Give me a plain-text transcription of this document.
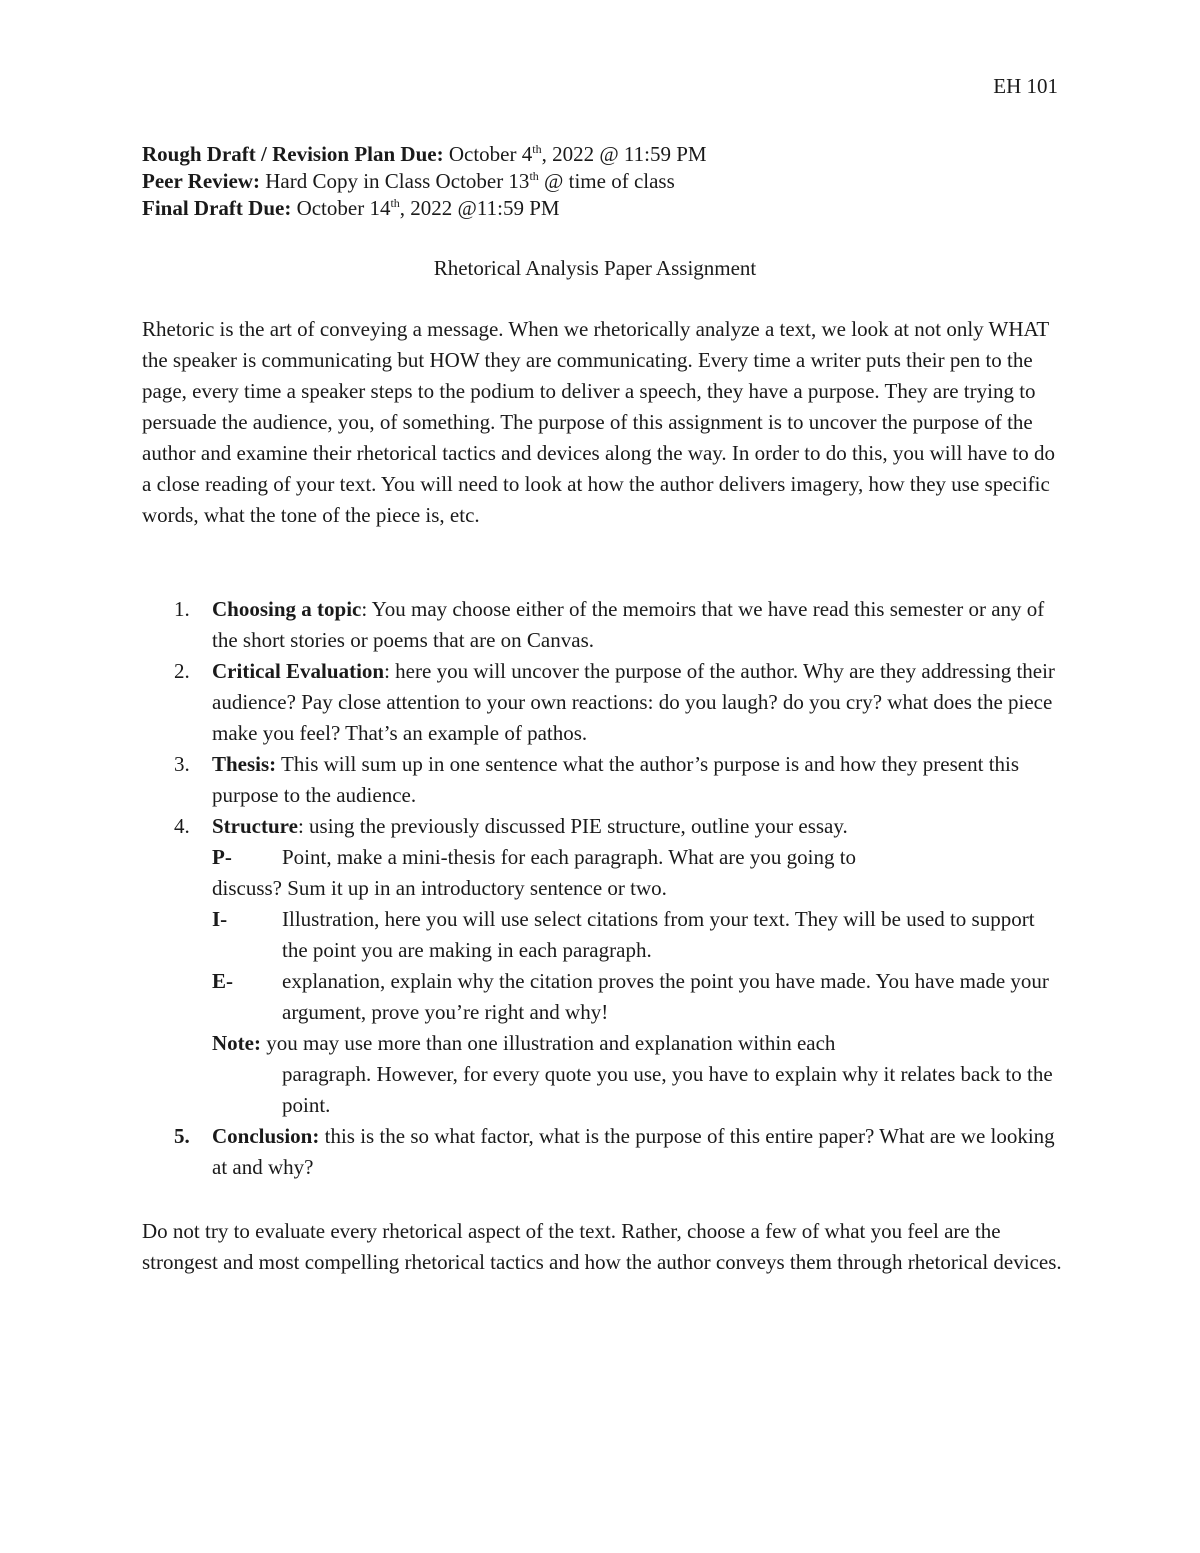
EH 101
Rough Draft / Revision Plan Due: October 4th, 2022 @ 11:59 PM
Peer Review: Hard Copy in Class October 13th @ time of class
Final Draft Due: October 14th, 2022 @11:59 PM
Rhetorical Analysis Paper Assignment
Rhetoric is the art of conveying a message. When we rhetorically analyze a text, we look at not only WHAT the speaker is communicating but HOW they are communicating. Every time a writer puts their pen to the page, every time a speaker steps to the podium to deliver a speech, they have a purpose. They are trying to persuade the audience, you, of something. The purpose of this assignment is to uncover the purpose of the author and examine their rhetorical tactics and devices along the way. In order to do this, you will have to do a close reading of your text. You will need to look at how the author delivers imagery, how they use specific words, what the tone of the piece is, etc.
1. Choosing a topic: You may choose either of the memoirs that we have read this semester or any of the short stories or poems that are on Canvas.
2. Critical Evaluation: here you will uncover the purpose of the author. Why are they addressing their audience? Pay close attention to your own reactions: do you laugh? do you cry? what does the piece make you feel? That’s an example of pathos.
3. Thesis: This will sum up in one sentence what the author’s purpose is and how they present this purpose to the audience.
4. Structure: using the previously discussed PIE structure, outline your essay.
P-	Point, make a mini-thesis for each paragraph. What are you going to
discuss? Sum it up in an introductory sentence or two.
I-	Illustration, here you will use select citations from your text. They will be used to support the point you are making in each paragraph.
E-	explanation, explain why the citation proves the point you have made. You have made your argument, prove you’re right and why!
Note: you may use more than one illustration and explanation within each
paragraph. However, for every quote you use, you have to explain why it relates back to the point.
5. Conclusion: this is the so what factor, what is the purpose of this entire paper? What are we looking at and why?
Do not try to evaluate every rhetorical aspect of the text. Rather, choose a few of what you feel are the strongest and most compelling rhetorical tactics and how the author conveys them through rhetorical devices.
